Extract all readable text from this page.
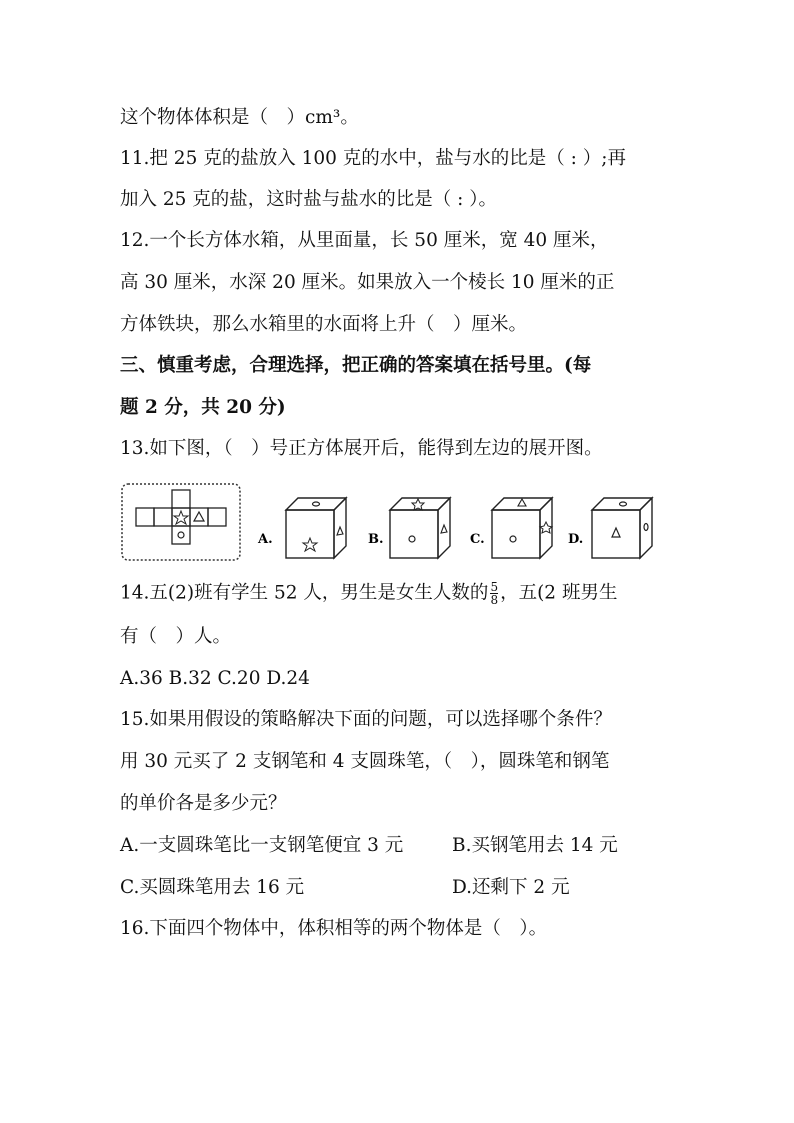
这个物体体积是（　）cm³。
11.把 25 克的盐放入 100 克的水中，盐与水的比是（ : ）;再
加入 25 克的盐，这时盐与盐水的比是（ : ）。
12.一个长方体水箱，从里面量，长 50 厘米，宽 40 厘米，
高 30 厘米，水深 20 厘米。如果放入一个棱长 10 厘米的正
方体铁块，那么水箱里的水面将上升（　）厘米。
三、慎重考虑，合理选择，把正确的答案填在括号里。(每
题 2 分，共 20 分)
13.如下图，（　）号正方体展开后，能得到左边的展开图。
A.	B.	C.	D.
14.五(2)班有学生 52 人，男生是女生人数的 $\frac{5}{8}$ ，五(2 班男生
有（　）人。
A.36 B.32 C.20 D.24
15.如果用假设的策略解决下面的问题，可以选择哪个条件？
用 30 元买了 2 支钢笔和 4 支圆珠笔，（　），圆珠笔和钢笔
的单价各是多少元？
A.一支圆珠笔比一支钢笔便宜 3 元	B.买钢笔用去 14 元
C.买圆珠笔用去 16 元	D.还剩下 2 元
16.下面四个物体中，体积相等的两个物体是（　）。
